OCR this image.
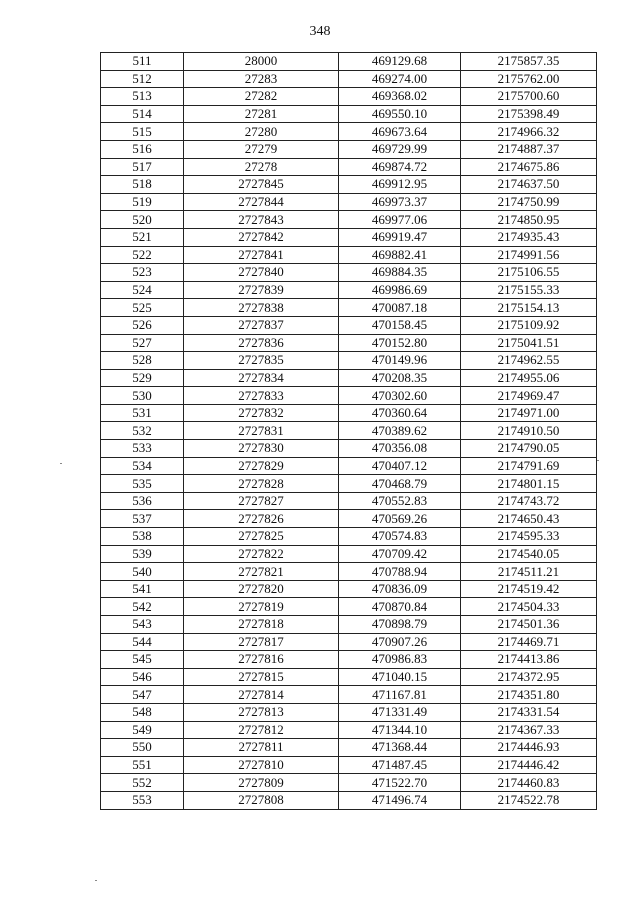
348
511	28000	469129.68	2175857.35
512	27283	469274.00	2175762.00
513	27282	469368.02	2175700.60
514	27281	469550.10	2175398.49
515	27280	469673.64	2174966.32
516	27279	469729.99	2174887.37
517	27278	469874.72	2174675.86
518	2727845	469912.95	2174637.50
519	2727844	469973.37	2174750.99
520	2727843	469977.06	2174850.95
521	2727842	469919.47	2174935.43
522	2727841	469882.41	2174991.56
523	2727840	469884.35	2175106.55
524	2727839	469986.69	2175155.33
525	2727838	470087.18	2175154.13
526	2727837	470158.45	2175109.92
527	2727836	470152.80	2175041.51
528	2727835	470149.96	2174962.55
529	2727834	470208.35	2174955.06
530	2727833	470302.60	2174969.47
531	2727832	470360.64	2174971.00
532	2727831	470389.62	2174910.50
533	2727830	470356.08	2174790.05
534	2727829	470407.12	2174791.69
535	2727828	470468.79	2174801.15
536	2727827	470552.83	2174743.72
537	2727826	470569.26	2174650.43
538	2727825	470574.83	2174595.33
539	2727822	470709.42	2174540.05
540	2727821	470788.94	2174511.21
541	2727820	470836.09	2174519.42
542	2727819	470870.84	2174504.33
543	2727818	470898.79	2174501.36
544	2727817	470907.26	2174469.71
545	2727816	470986.83	2174413.86
546	2727815	471040.15	2174372.95
547	2727814	471167.81	2174351.80
548	2727813	471331.49	2174331.54
549	2727812	471344.10	2174367.33
550	2727811	471368.44	2174446.93
551	2727810	471487.45	2174446.42
552	2727809	471522.70	2174460.83
553	2727808	471496.74	2174522.78
